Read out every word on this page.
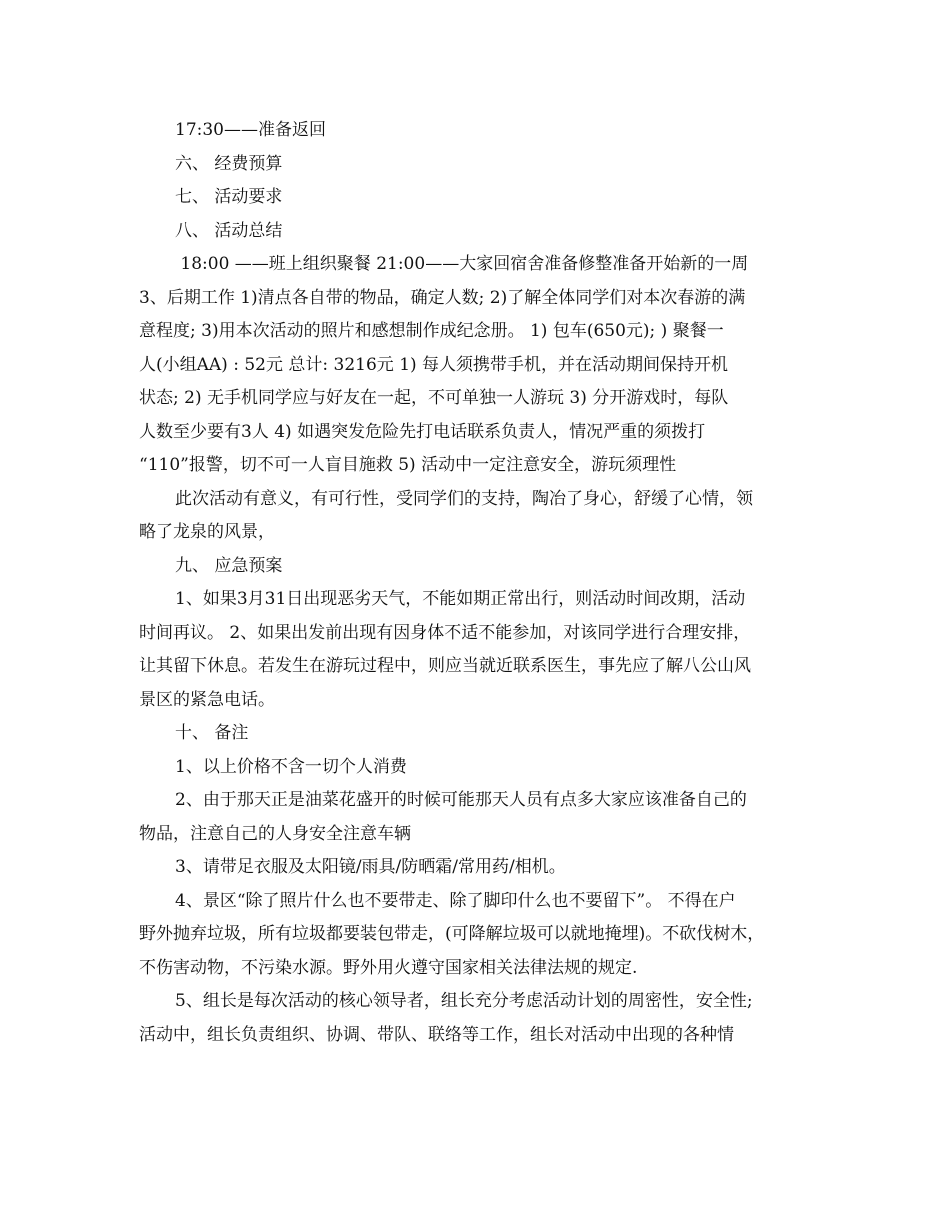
17:30——准备返回
六、 经费预算
七、 活动要求
八、 活动总结
18:00 ——班上组织聚餐 21:00——大家回宿舍准备修整准备开始新的一周
3、后期工作 1)清点各自带的物品，确定人数; 2)了解全体同学们对本次春游的满
意程度; 3)用本次活动的照片和感想制作成纪念册。 1) 包车(650元); ) 聚餐一
人(小组AA) : 52元 总计: 3216元 1) 每人须携带手机，并在活动期间保持开机
状态; 2) 无手机同学应与好友在一起，不可单独一人游玩 3) 分开游戏时，每队
人数至少要有3人 4) 如遇突发危险先打电话联系负责人，情况严重的须拨打
“110”报警，切不可一人盲目施救 5) 活动中一定注意安全，游玩须理性
此次活动有意义，有可行性，受同学们的支持，陶冶了身心，舒缓了心情，领
略了龙泉的风景，
九、 应急预案
1、如果3月31日出现恶劣天气，不能如期正常出行，则活动时间改期，活动
时间再议。 2、如果出发前出现有因身体不适不能参加，对该同学进行合理安排，
让其留下休息。若发生在游玩过程中，则应当就近联系医生，事先应了解八公山风
景区的紧急电话。
十、 备注
1、以上价格不含一切个人消费
2、由于那天正是油菜花盛开的时候可能那天人员有点多大家应该准备自己的
物品，注意自己的人身安全注意车辆
3、请带足衣服及太阳镜/雨具/防晒霜/常用药/相机。
4、景区“除了照片什么也不要带走、除了脚印什么也不要留下”。 不得在户
野外抛弃垃圾，所有垃圾都要装包带走，(可降解垃圾可以就地掩埋)。不砍伐树木，
不伤害动物，不污染水源。野外用火遵守国家相关法律法规的规定.
5、组长是每次活动的核心领导者，组长充分考虑活动计划的周密性，安全性;
活动中，组长负责组织、协调、带队、联络等工作，组长对活动中出现的各种情
